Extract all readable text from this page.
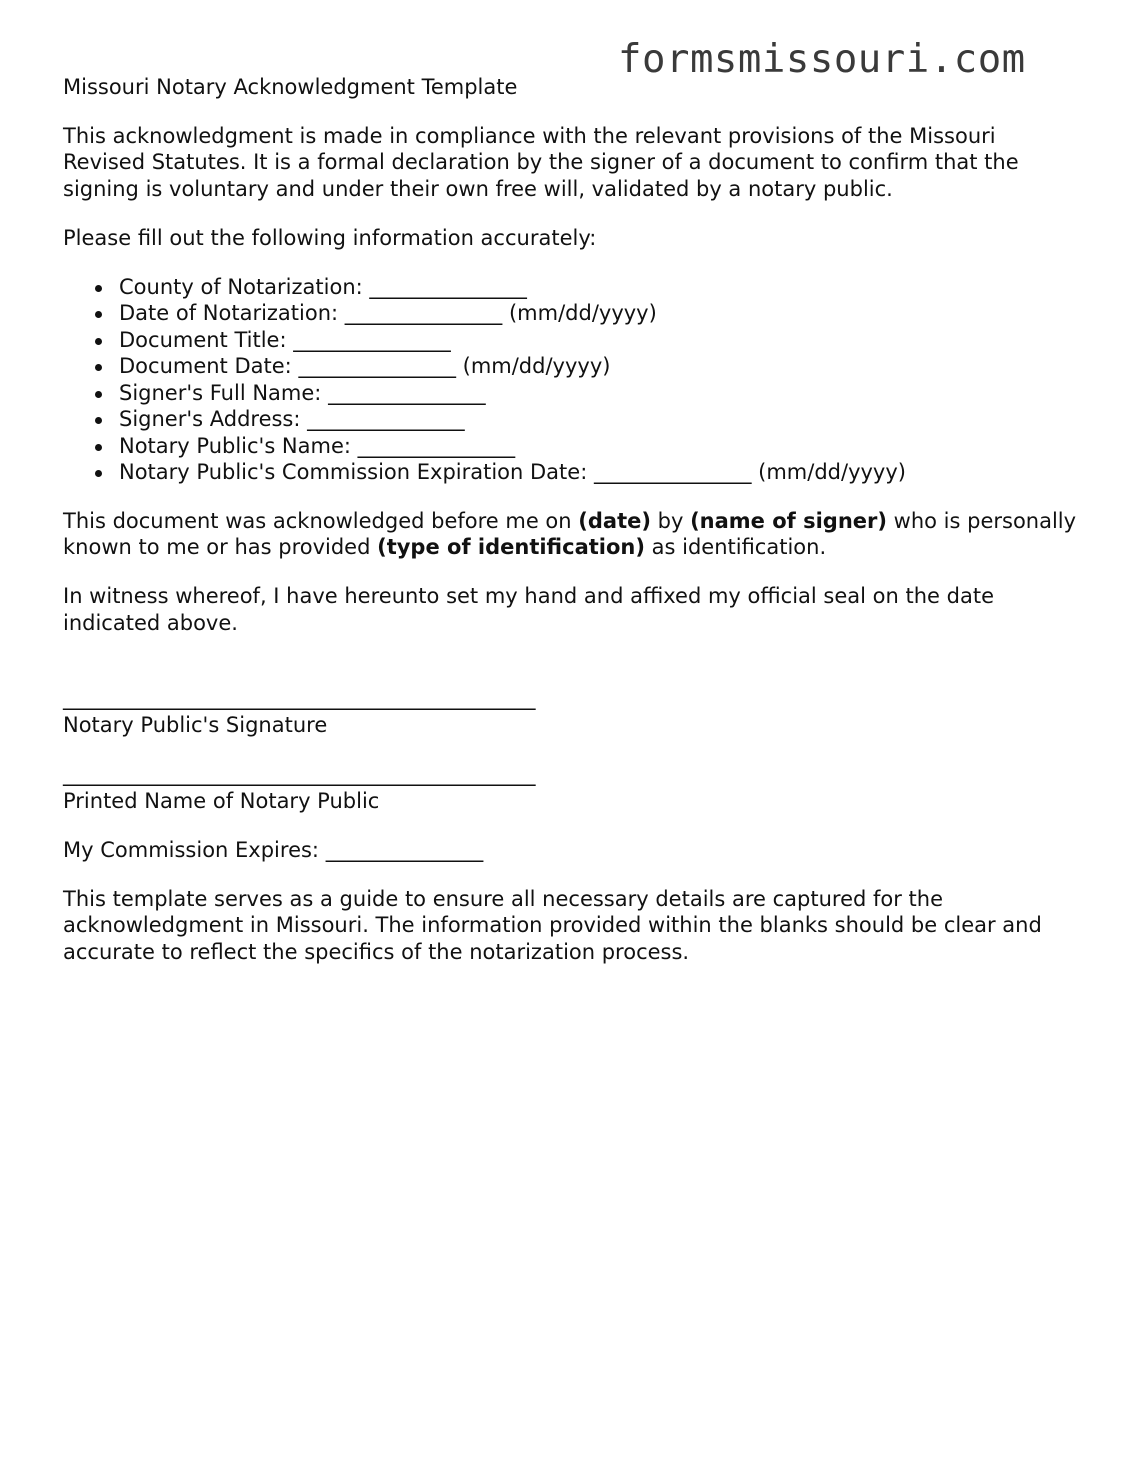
formsmissouri.com
Missouri Notary Acknowledgment Template

This acknowledgment is made in compliance with the relevant provisions of the Missouri Revised Statutes. It is a formal declaration by the signer of a document to confirm that the signing is voluntary and under their own free will, validated by a notary public.

Please fill out the following information accurately:

County of Notarization: _______________
Date of Notarization: _______________ (mm/dd/yyyy)
Document Title: _______________
Document Date: _______________ (mm/dd/yyyy)
Signer's Full Name: _______________
Signer's Address: _______________
Notary Public's Name: _______________
Notary Public's Commission Expiration Date: _______________ (mm/dd/yyyy)

This document was acknowledged before me on (date) by (name of signer) who is personally known to me or has provided (type of identification) as identification.

In witness whereof, I have hereunto set my hand and affixed my official seal on the date indicated above.

_____________________________________________
Notary Public's Signature
_____________________________________________
Printed Name of Notary Public

My Commission Expires: _______________

This template serves as a guide to ensure all necessary details are captured for the acknowledgment in Missouri. The information provided within the blanks should be clear and accurate to reflect the specifics of the notarization process.
